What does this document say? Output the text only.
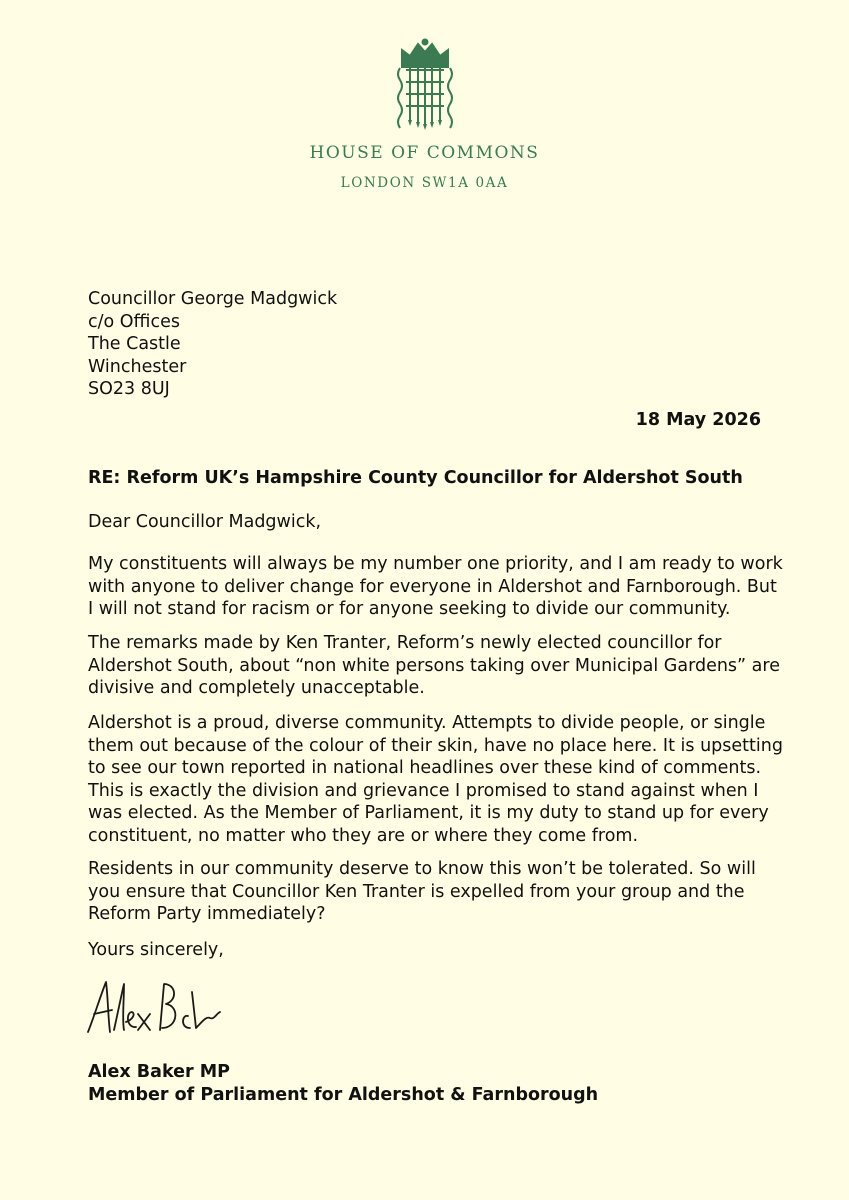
HOUSE OF COMMONS
LONDON SW1A 0AA
Councillor George Madgwick
c/o Offices
The Castle
Winchester
SO23 8UJ
18 May 2026
RE: Reform UK’s Hampshire County Councillor for Aldershot South
Dear Councillor Madgwick,
My constituents will always be my number one priority, and I am ready to work
with anyone to deliver change for everyone in Aldershot and Farnborough. But
I will not stand for racism or for anyone seeking to divide our community.
The remarks made by Ken Tranter, Reform’s newly elected councillor for
Aldershot South, about “non white persons taking over Municipal Gardens” are
divisive and completely unacceptable.
Aldershot is a proud, diverse community. Attempts to divide people, or single
them out because of the colour of their skin, have no place here. It is upsetting
to see our town reported in national headlines over these kind of comments.
This is exactly the division and grievance I promised to stand against when I
was elected. As the Member of Parliament, it is my duty to stand up for every
constituent, no matter who they are or where they come from.
Residents in our community deserve to know this won’t be tolerated. So will
you ensure that Councillor Ken Tranter is expelled from your group and the
Reform Party immediately?
Yours sincerely,
Alex Baker MP
Member of Parliament for Aldershot & Farnborough
